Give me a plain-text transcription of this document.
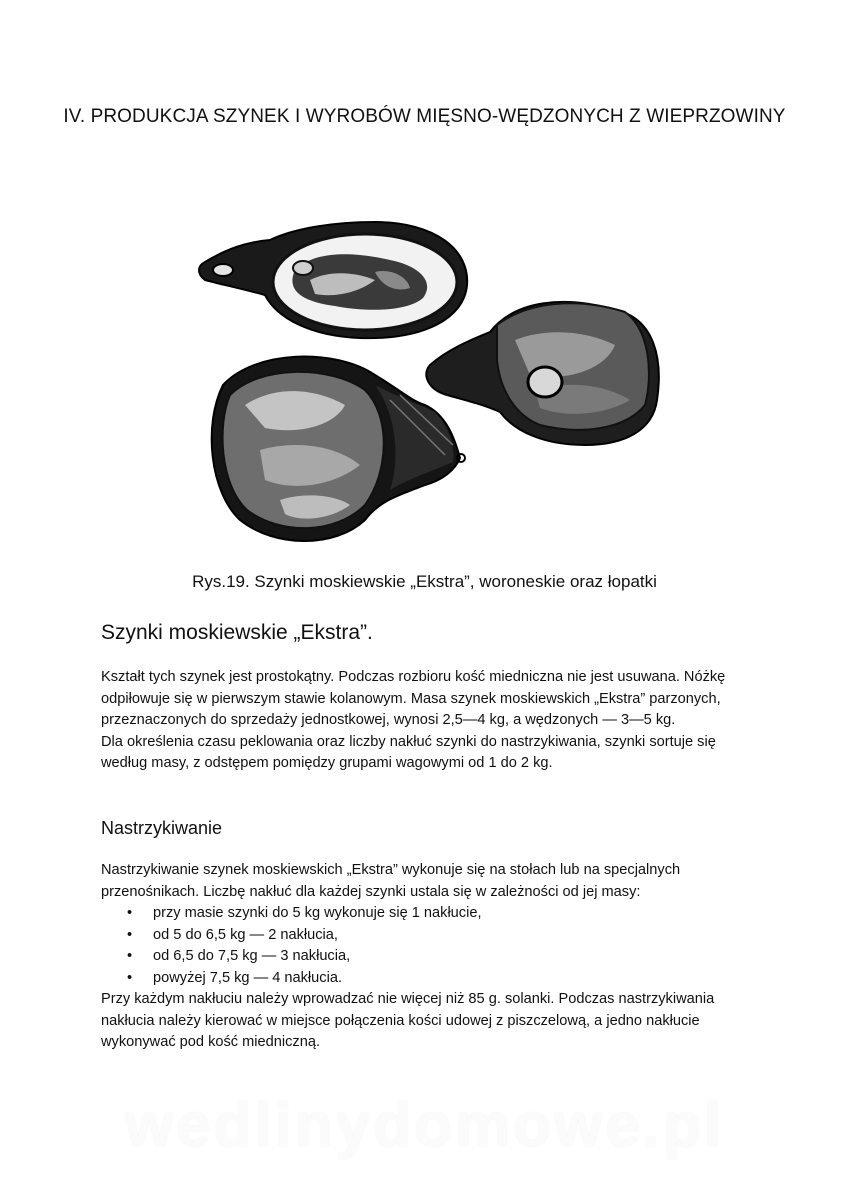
IV. PRODUKCJA SZYNEK I WYROBÓW MIĘSNO-WĘDZONYCH Z WIEPRZOWINY
Rys.19. Szynki moskiewskie „Ekstra”, woroneskie oraz łopatki
Szynki moskiewskie „Ekstra”.
Kształt tych szynek jest prostokątny. Podczas rozbioru kość miedniczna nie jest usuwana. Nóżkę odpiłowuje się w pierwszym stawie kolanowym. Masa szynek moskiewskich „Ekstra” parzonych, przeznaczonych do sprzedaży jednostkowej, wynosi 2,5—4 kg, a wędzonych — 3—5 kg.
Dla określenia czasu peklowania oraz liczby nakłuć szynki do nastrzykiwania, szynki sortuje się według masy, z odstępem pomiędzy grupami wagowymi od 1 do 2 kg.
Nastrzykiwanie
Nastrzykiwanie szynek moskiewskich „Ekstra” wykonuje się na stołach lub na specjalnych przenośnikach. Liczbę nakłuć dla każdej szynki ustala się w zależności od jej masy:
• przy masie szynki do 5 kg wykonuje się 1 nakłucie,
• od 5 do 6,5 kg — 2 nakłucia,
• od 6,5 do 7,5 kg — 3 nakłucia,
• powyżej 7,5 kg — 4 nakłucia.
Przy każdym nakłuciu należy wprowadzać nie więcej niż 85 g. solanki. Podczas nastrzykiwania nakłucia należy kierować w miejsce połączenia kości udowej z piszczelową, a jedno nakłucie wykonywać pod kość miedniczną.
wedlinydomowe.pl
